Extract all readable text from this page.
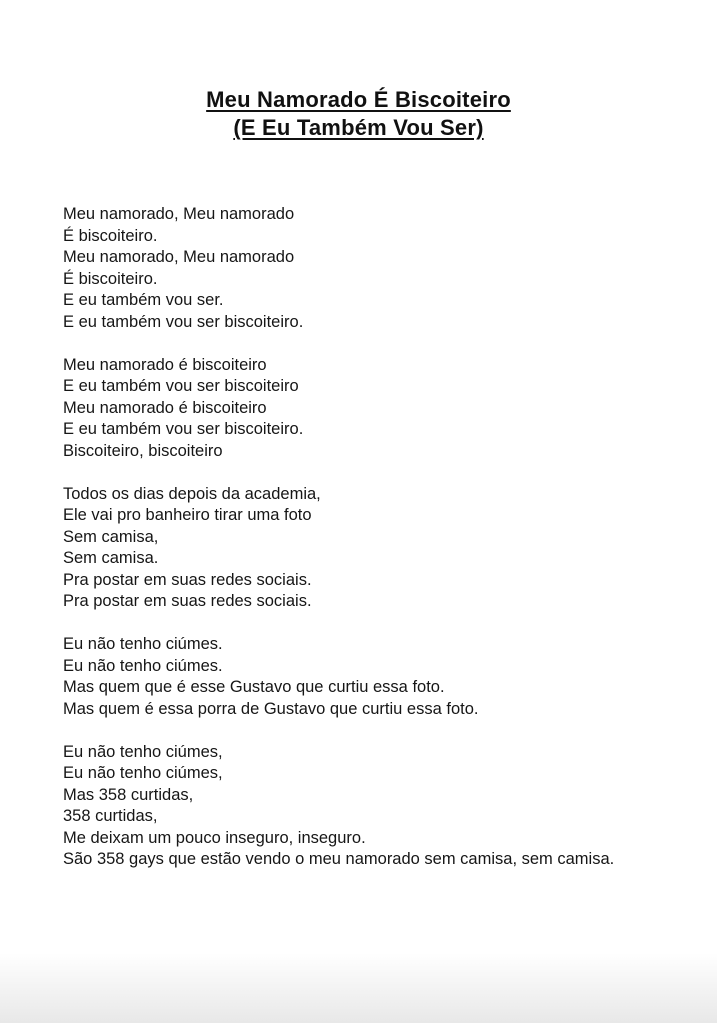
Meu Namorado É Biscoiteiro
(E Eu Também Vou Ser)

Meu namorado, Meu namorado

É biscoiteiro.

Meu namorado, Meu namorado

É biscoiteiro.

E eu também vou ser.

E eu também vou ser biscoiteiro.

Meu namorado é biscoiteiro

E eu também vou ser biscoiteiro

Meu namorado é biscoiteiro

E eu também vou ser biscoiteiro.

Biscoiteiro, biscoiteiro

Todos os dias depois da academia,

Ele vai pro banheiro tirar uma foto

Sem camisa,

Sem camisa.

Pra postar em suas redes sociais.

Pra postar em suas redes sociais.

Eu não tenho ciúmes.

Eu não tenho ciúmes.

Mas quem que é esse Gustavo que curtiu essa foto.

Mas quem é essa porra de Gustavo que curtiu essa foto.

Eu não tenho ciúmes,

Eu não tenho ciúmes,

Mas 358 curtidas,

358 curtidas,

Me deixam um pouco inseguro, inseguro.

São 358 gays que estão vendo o meu namorado sem camisa, sem camisa.
